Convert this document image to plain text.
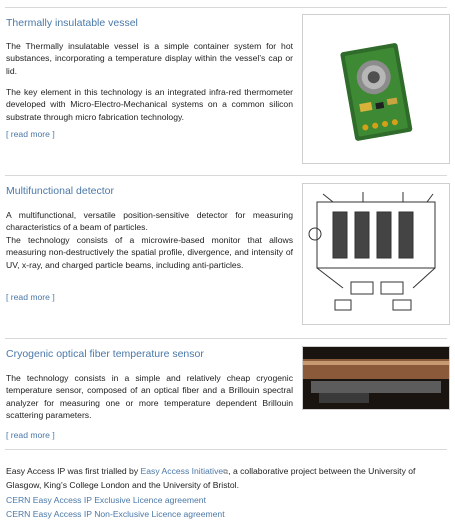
Thermally insulatable vessel

The Thermally insulatable vessel is a simple container system for hot substances, incorporating a temperature display within the vessel’s cap or lid.

The key element in this technology is an integrated infra-red thermometer developed with Micro-Electro-Mechanical systems on a common silicon substrate through micro fabrication technology.

[ read more ]
Multifunctional detector

A multifunctional, versatile position-sensitive detector for measuring characteristics of a beam of particles.

The technology consists of a microwire-based monitor that allows measuring non-destructively the spatial profile, divergence, and intensity of UV, x-ray, and charged particle beams, including anti-particles.

[ read more ]
Cryogenic optical fiber temperature sensor

The technology consists in a simple and relatively cheap cryogenic temperature sensor, composed of an optical fiber and a Brillouin spectral analyzer for measuring one or more temperature dependent Brillouin scattering parameters.

[ read more ]

Easy Access IP was first trialled by Easy Access Initiative⧉, a collaborative project between the University of Glasgow, King’s College London and the University of Bristol.

CERN Easy Access IP Exclusive Licence agreement
CERN Easy Access IP Non-Exclusive Licence agreement
